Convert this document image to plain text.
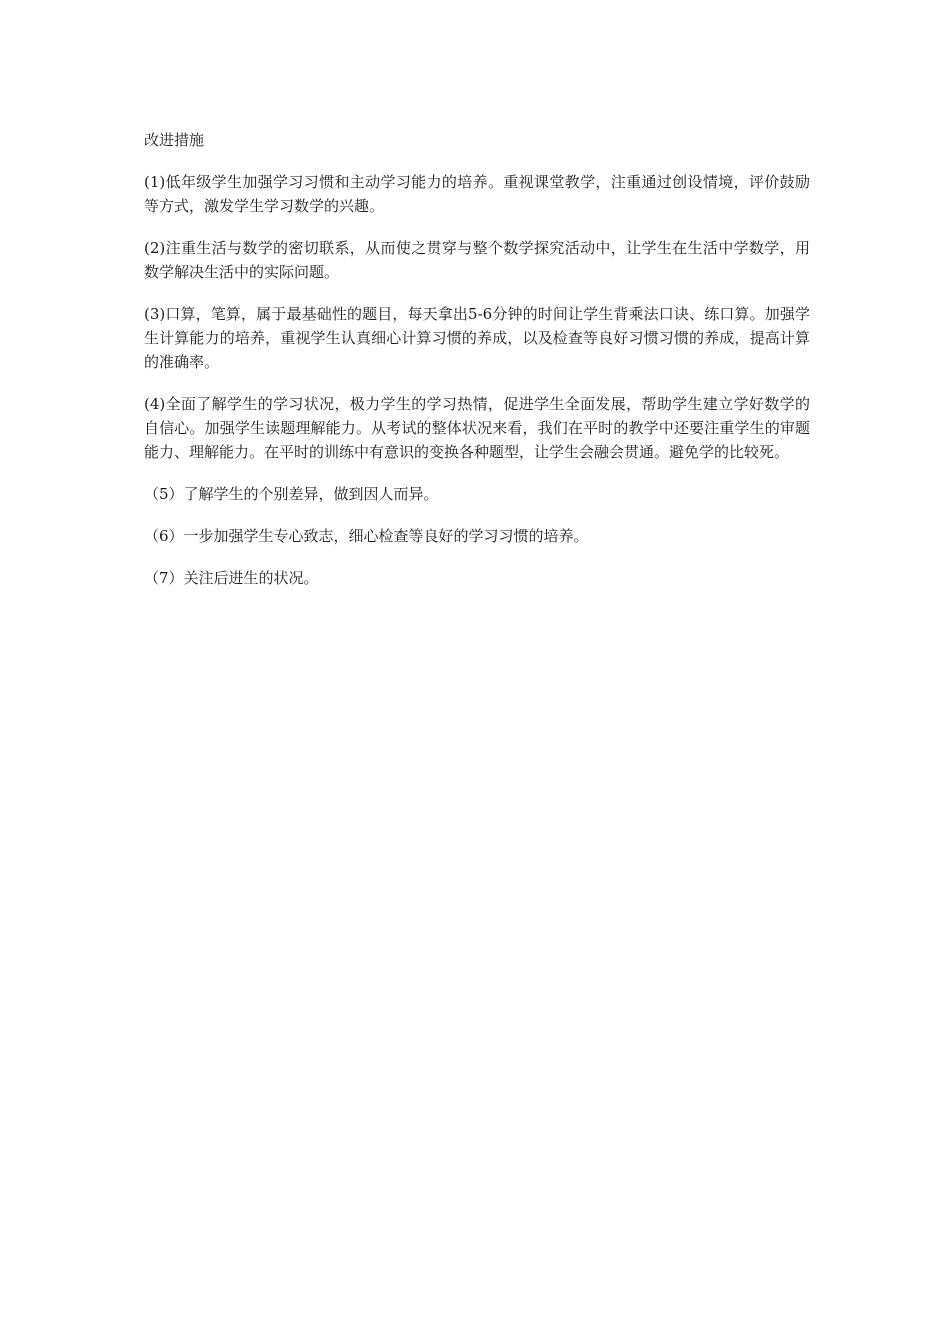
改进措施

(1)低年级学生加强学习习惯和主动学习能力的培养。重视课堂教学，注重通过创设情境，评价鼓励等方式，激发学生学习数学的兴趣。

(2)注重生活与数学的密切联系，从而使之贯穿与整个数学探究活动中，让学生在生活中学数学，用数学解决生活中的实际问题。

(3)口算，笔算，属于最基础性的题目，每天拿出5-6分钟的时间让学生背乘法口诀、练口算。加强学生计算能力的培养，重视学生认真细心计算习惯的养成，以及检查等良好习惯习惯的养成，提高计算的准确率。

(4)全面了解学生的学习状况，极力学生的学习热情，促进学生全面发展，帮助学生建立学好数学的自信心。加强学生读题理解能力。从考试的整体状况来看，我们在平时的教学中还要注重学生的审题能力、理解能力。在平时的训练中有意识的变换各种题型，让学生会融会贯通。避免学的比较死。

（5）了解学生的个别差异，做到因人而异。

（6）一步加强学生专心致志，细心检查等良好的学习习惯的培养。

（7）关注后进生的状况。
